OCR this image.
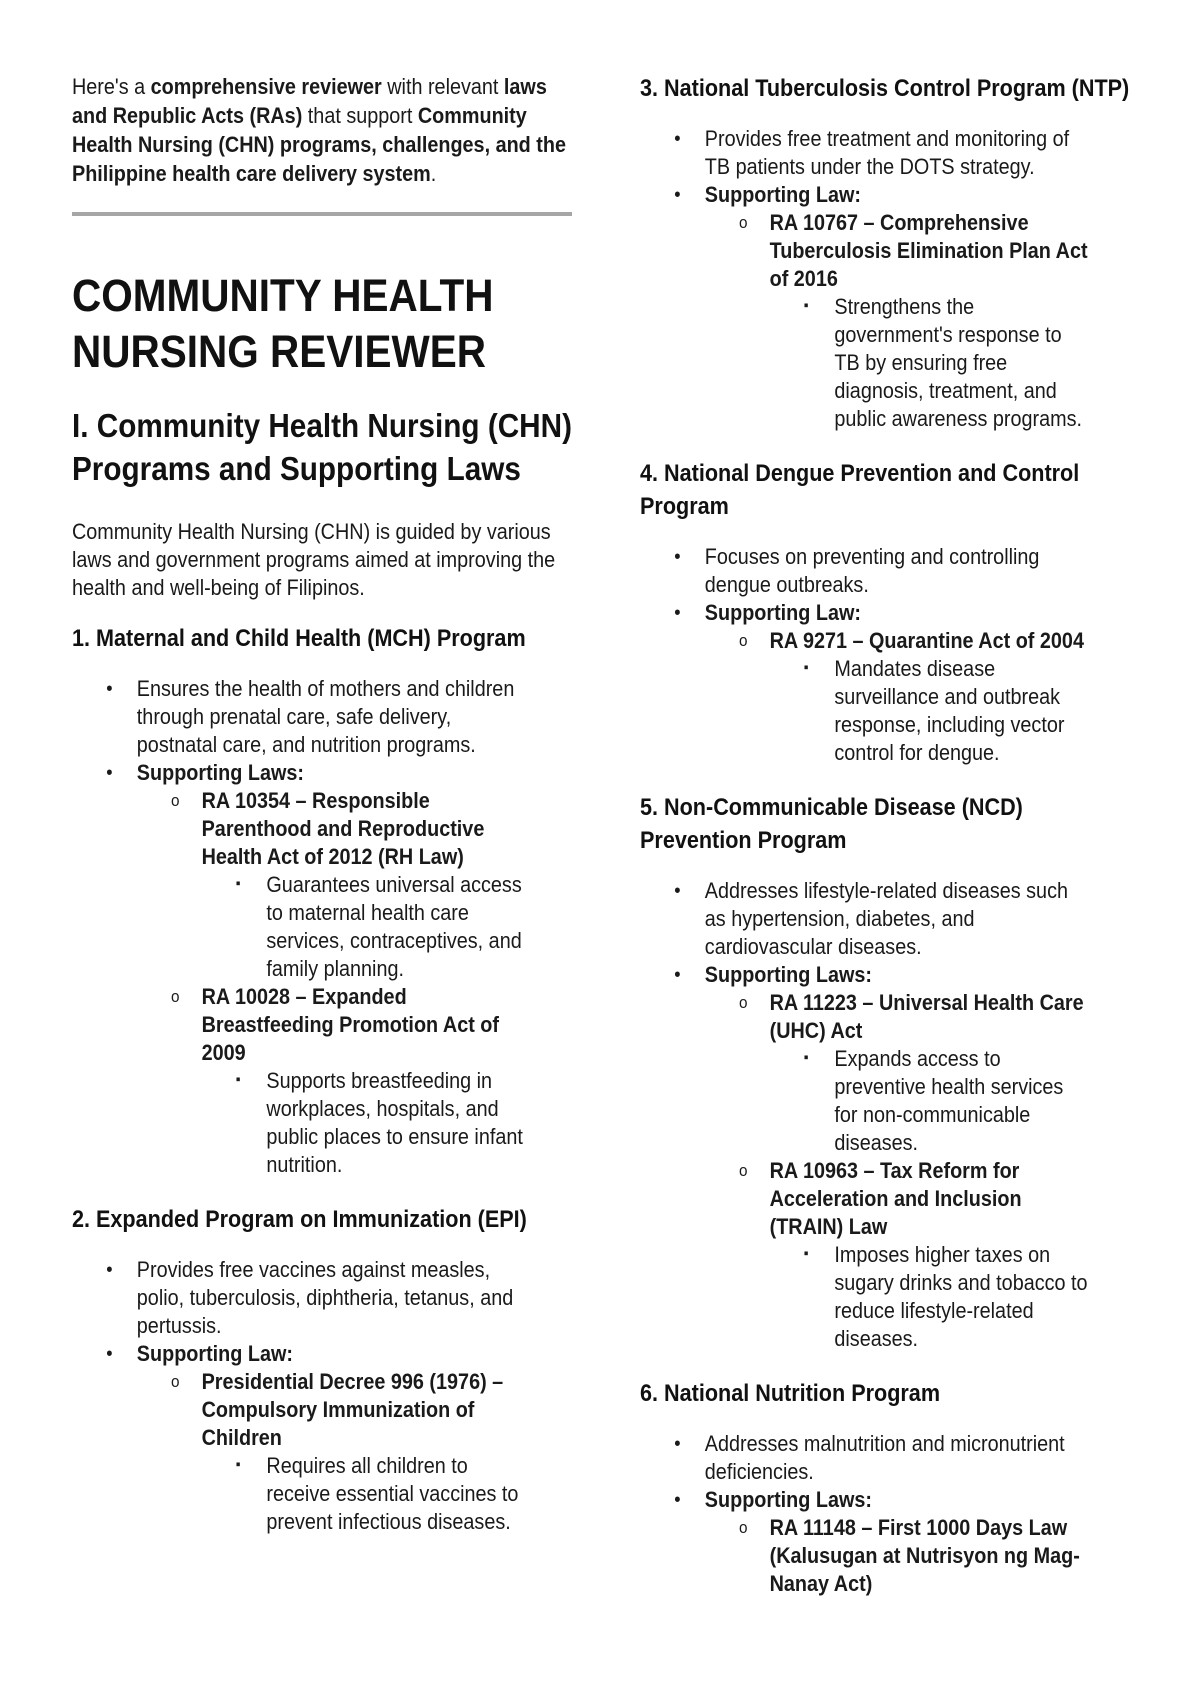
Here's a comprehensive reviewer with relevant laws and Republic Acts (RAs) that support Community Health Nursing (CHN) programs, challenges, and the Philippine health care delivery system.
COMMUNITY HEALTH NURSING REVIEWER
I. Community Health Nursing (CHN) Programs and Supporting Laws
Community Health Nursing (CHN) is guided by various laws and government programs aimed at improving the health and well-being of Filipinos.
1. Maternal and Child Health (MCH) Program
• Ensures the health of mothers and children through prenatal care, safe delivery, postnatal care, and nutrition programs.
• Supporting Laws:
o RA 10354 – Responsible Parenthood and Reproductive Health Act of 2012 (RH Law)
▪ Guarantees universal access to maternal health care services, contraceptives, and family planning.
o RA 10028 – Expanded Breastfeeding Promotion Act of 2009
▪ Supports breastfeeding in workplaces, hospitals, and public places to ensure infant nutrition.
2. Expanded Program on Immunization (EPI)
• Provides free vaccines against measles, polio, tuberculosis, diphtheria, tetanus, and pertussis.
• Supporting Law:
o Presidential Decree 996 (1976) – Compulsory Immunization of Children
▪ Requires all children to receive essential vaccines to prevent infectious diseases.
3. National Tuberculosis Control Program (NTP)
• Provides free treatment and monitoring of TB patients under the DOTS strategy.
• Supporting Law:
o RA 10767 – Comprehensive Tuberculosis Elimination Plan Act of 2016
▪ Strengthens the government's response to TB by ensuring free diagnosis, treatment, and public awareness programs.
4. National Dengue Prevention and Control Program
• Focuses on preventing and controlling dengue outbreaks.
• Supporting Law:
o RA 9271 – Quarantine Act of 2004
▪ Mandates disease surveillance and outbreak response, including vector control for dengue.
5. Non-Communicable Disease (NCD) Prevention Program
• Addresses lifestyle-related diseases such as hypertension, diabetes, and cardiovascular diseases.
• Supporting Laws:
o RA 11223 – Universal Health Care (UHC) Act
▪ Expands access to preventive health services for non-communicable diseases.
o RA 10963 – Tax Reform for Acceleration and Inclusion (TRAIN) Law
▪ Imposes higher taxes on sugary drinks and tobacco to reduce lifestyle-related diseases.
6. National Nutrition Program
• Addresses malnutrition and micronutrient deficiencies.
• Supporting Laws:
o RA 11148 – First 1000 Days Law (Kalusugan at Nutrisyon ng Mag-Nanay Act)
